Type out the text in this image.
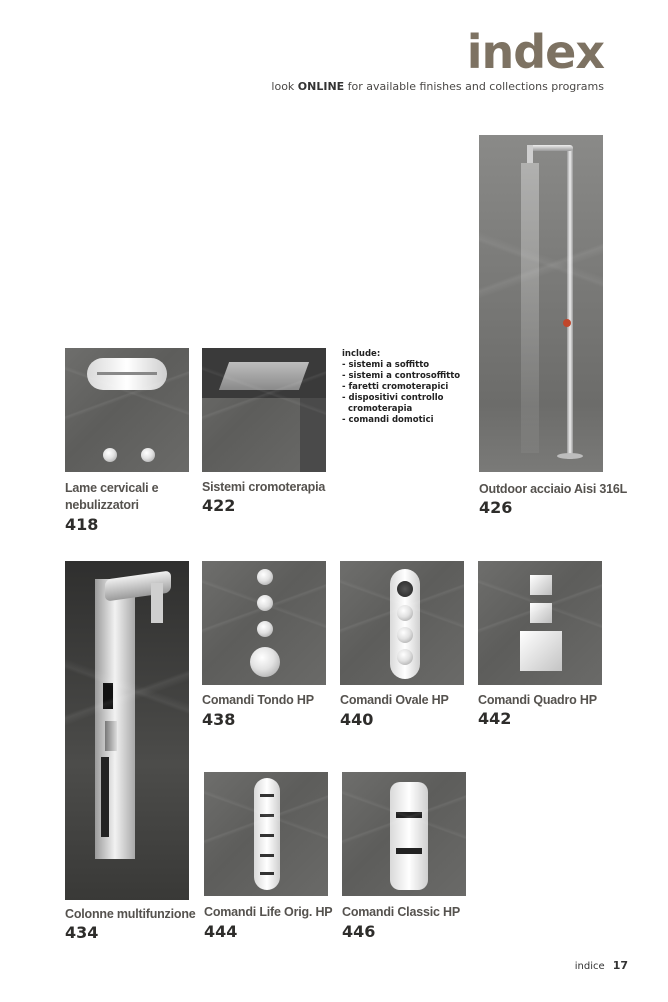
index
look ONLINE for available finishes and collections programs
Lame cervicali e
nebulizzatori
418
Sistemi cromoterapia
422
include:
- sistemi a soffitto
- sistemi a controsoffitto
- faretti cromoterapici
- dispositivi controllo
cromoterapia
- comandi domotici
Outdoor acciaio Aisi 316L
426
Colonne multifunzione
434
Comandi Tondo HP
438
Comandi Ovale HP
440
Comandi Quadro HP
442
Comandi Life Orig. HP
444
Comandi Classic HP
446
indice 17
